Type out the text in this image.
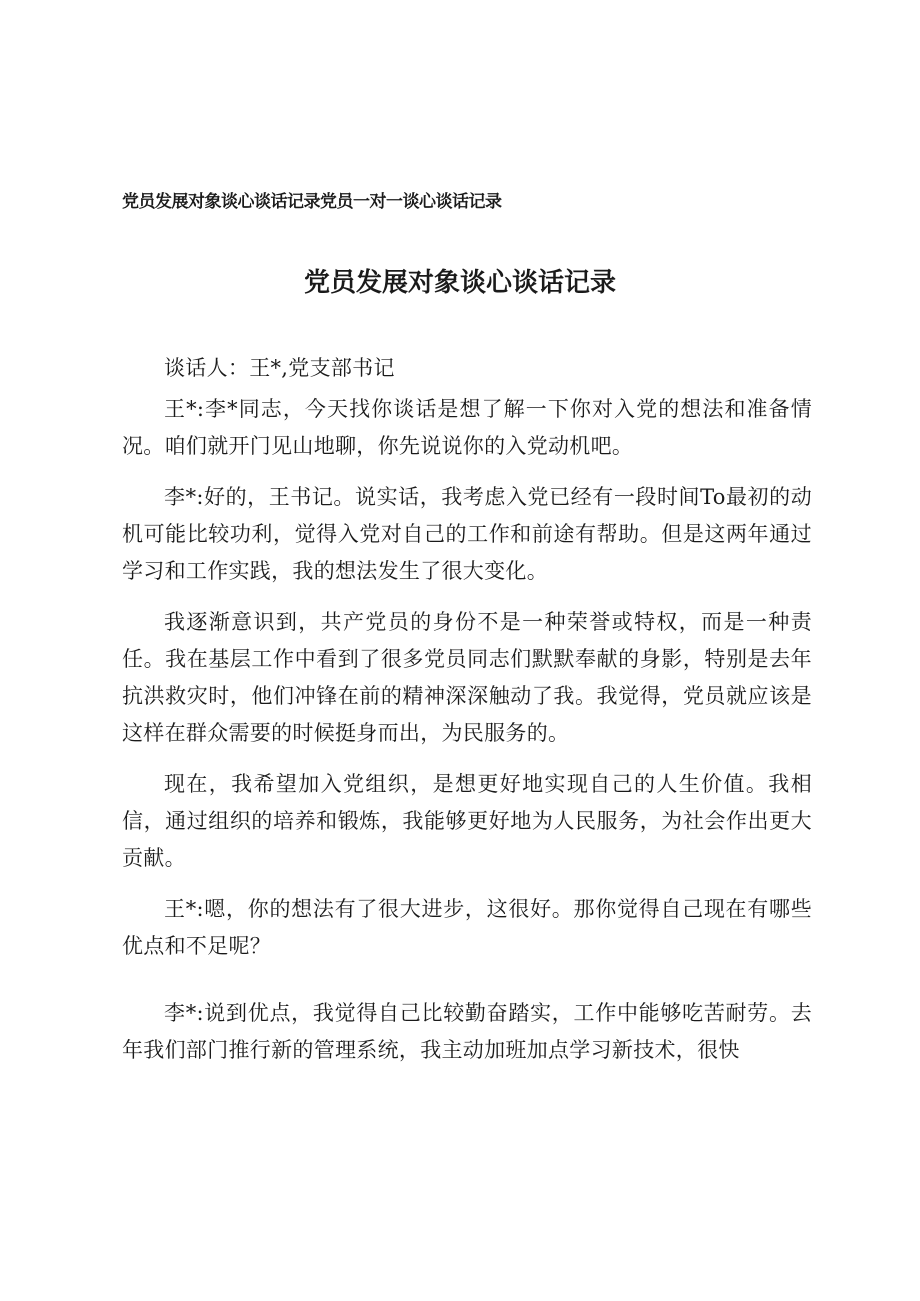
党员发展对象谈心谈话记录党员一对一谈心谈话记录
党员发展对象谈心谈话记录

谈话人：王*,党支部书记

王*:李*同志，今天找你谈话是想了解一下你对入党的想法和准备情况。咱们就开门见山地聊，你先说说你的入党动机吧。

李*:好的，王书记。说实话，我考虑入党已经有一段时间To最初的动机可能比较功利，觉得入党对自己的工作和前途有帮助。但是这两年通过学习和工作实践，我的想法发生了很大变化。

我逐渐意识到，共产党员的身份不是一种荣誉或特权，而是一种责任。我在基层工作中看到了很多党员同志们默默奉献的身影，特别是去年抗洪救灾时，他们冲锋在前的精神深深触动了我。我觉得，党员就应该是这样在群众需要的时候挺身而出，为民服务的。

现在，我希望加入党组织，是想更好地实现自己的人生价值。我相信，通过组织的培养和锻炼，我能够更好地为人民服务，为社会作出更大贡献。

王*:嗯，你的想法有了很大进步，这很好。那你觉得自己现在有哪些优点和不足呢？

李*:说到优点，我觉得自己比较勤奋踏实，工作中能够吃苦耐劳。去年我们部门推行新的管理系统，我主动加班加点学习新技术，很快
